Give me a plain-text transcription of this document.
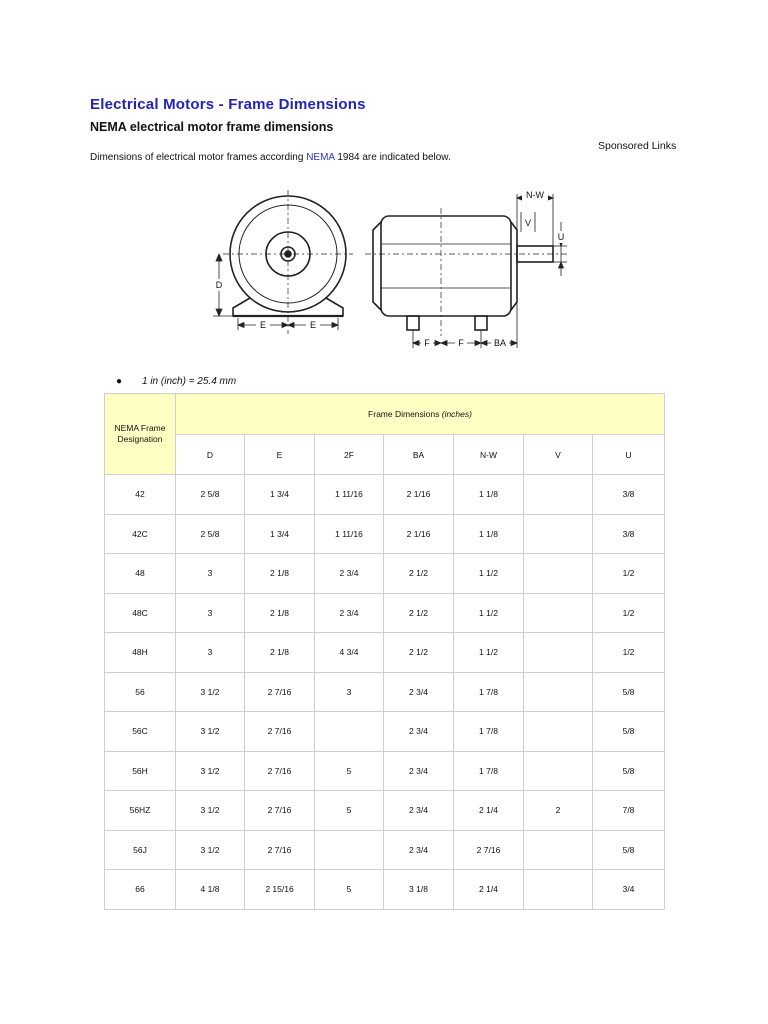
Electrical Motors - Frame Dimensions
NEMA electrical motor frame dimensions
Sponsored Links
Dimensions of electrical motor frames according NEMA 1984 are indicated below.
D
E	E
F	F	BA
N-W
V
U
● 1 in (inch) = 25.4 mm
NEMA Frame Designation	Frame Dimensions (inches)						
	D	E	2F	BA	N-W	V	U
42	2 5/8	1 3/4	1 11/16	2 1/16	1 1/8		3/8
42C	2 5/8	1 3/4	1 11/16	2 1/16	1 1/8		3/8
48	3	2 1/8	2 3/4	2 1/2	1 1/2		1/2
48C	3	2 1/8	2 3/4	2 1/2	1 1/2		1/2
48H	3	2 1/8	4 3/4	2 1/2	1 1/2		1/2
56	3 1/2	2 7/16	3	2 3/4	1 7/8		5/8
56C	3 1/2	2 7/16		2 3/4	1 7/8		5/8
56H	3 1/2	2 7/16	5	2 3/4	1 7/8		5/8
56HZ	3 1/2	2 7/16	5	2 3/4	2 1/4	2	7/8
56J	3 1/2	2 7/16		2 3/4	2 7/16		5/8
66	4 1/8	2 15/16	5	3 1/8	2 1/4		3/4
